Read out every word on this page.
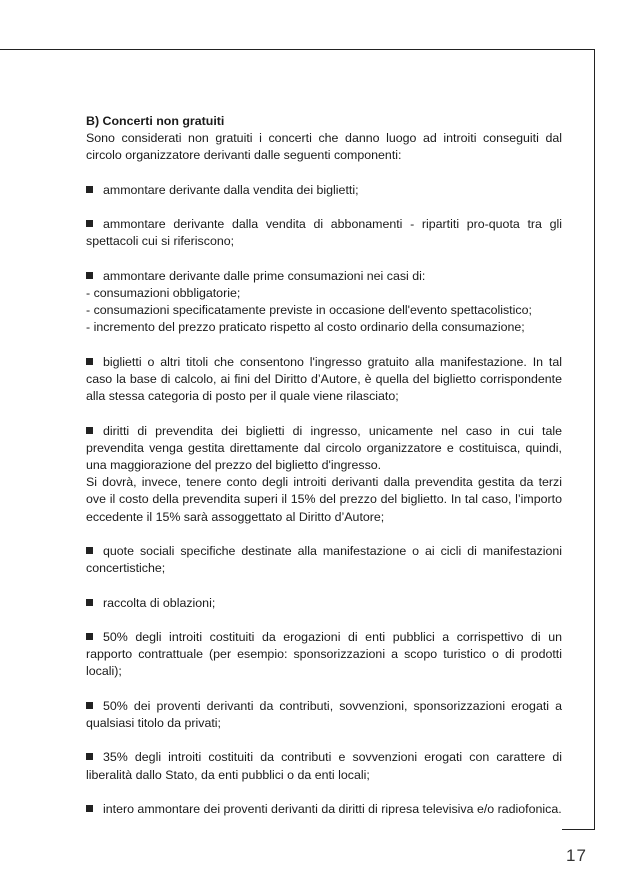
B) Concerti non gratuiti

Sono considerati non gratuiti i concerti che danno luogo ad introiti conseguiti dal circolo organizzatore derivanti dalle seguenti componenti:

ammontare derivante dalla vendita dei biglietti;

ammontare derivante dalla vendita di abbonamenti - ripartiti pro-quota tra gli spettacoli cui si riferiscono;

ammontare derivante dalle prime consumazioni nei casi di:

- consumazioni obbligatorie;

- consumazioni specificatamente previste in occasione dell'evento spettacolistico;

- incremento del prezzo praticato rispetto al costo ordinario della consumazione;

biglietti o altri titoli che consentono l'ingresso gratuito alla manifestazione. In tal caso la base di calcolo, ai fini del Diritto d’Autore, è quella del biglietto corrispondente alla stessa categoria di posto per il quale viene rilasciato;

diritti di prevendita dei biglietti di ingresso, unicamente nel caso in cui tale prevendita venga gestita direttamente dal circolo organizzatore e costituisca, quindi, una maggiorazione del prezzo del biglietto d'ingresso.

Si dovrà, invece, tenere conto degli introiti derivanti dalla prevendita gestita da terzi ove il costo della prevendita superi il 15% del prezzo del biglietto. In tal caso, l’importo eccedente il 15% sarà assoggettato al Diritto d’Autore;

quote sociali specifiche destinate alla manifestazione o ai cicli di manifestazioni concertistiche;

raccolta di oblazioni;

50% degli introiti costituiti da erogazioni di enti pubblici a corrispettivo di un rapporto contrattuale (per esempio: sponsorizzazioni a scopo turistico o di prodotti locali);

50% dei proventi derivanti da contributi, sovvenzioni, sponsorizzazioni erogati a qualsiasi titolo da privati;

35% degli introiti costituiti da contributi e sovvenzioni erogati con carattere di liberalità dallo Stato, da enti pubblici o da enti locali;

intero ammontare dei proventi derivanti da diritti di ripresa televisiva e/o radiofonica.

17
